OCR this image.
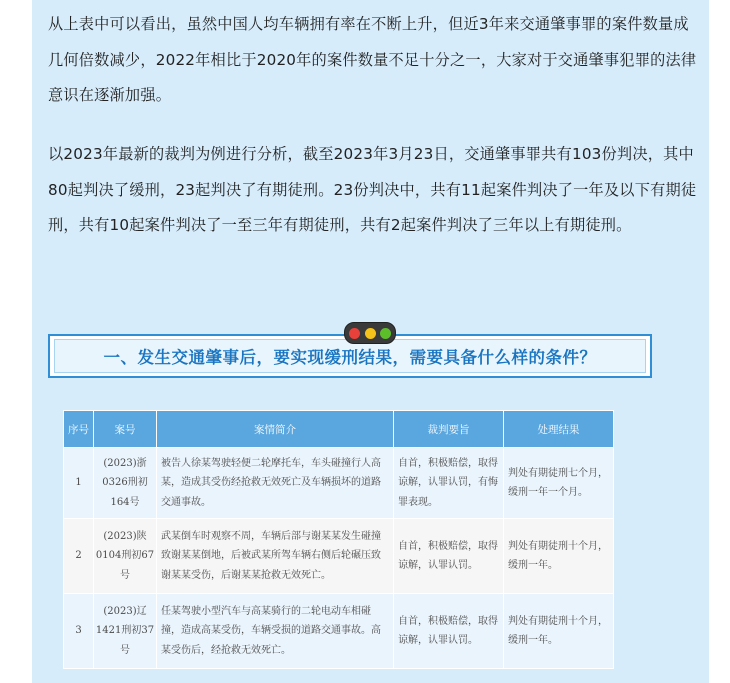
从上表中可以看出，虽然中国人均车辆拥有率在不断上升，但近3年来交通肇事罪的案件数量成几何倍数减少，2022年相比于2020年的案件数量不足十分之一，大家对于交通肇事犯罪的法律意识在逐渐加强。

以2023年最新的裁判为例进行分析，截至2023年3月23日，交通肇事罪共有103份判决，其中80起判决了缓刑，23起判决了有期徒刑。23份判决中，共有11起案件判决了一年及以下有期徒刑，共有10起案件判决了一至三年有期徒刑，共有2起案件判决了三年以上有期徒刑。

一、发生交通肇事后，要实现缓刑结果，需要具备什么样的条件？
序号	案号	案情简介	裁判要旨	处理结果
1	(2023)浙0326刑初164号	被告人徐某驾驶轻便二轮摩托车，车头碰撞行人高某，造成其受伤经抢救无效死亡及车辆损坏的道路交通事故。	自首，积极赔偿，取得谅解，认罪认罚，有悔罪表现。	判处有期徒刑七个月，缓刑一年一个月。
2	(2023)陕0104刑初67号	武某倒车时观察不周，车辆后部与谢某某发生碰撞致谢某某倒地，后被武某所驾车辆右侧后轮碾压致谢某某受伤，后谢某某抢救无效死亡。	自首，积极赔偿，取得谅解，认罪认罚。	判处有期徒刑十个月，缓刑一年。
3	(2023)辽1421刑初37号	任某驾驶小型汽车与高某骑行的二轮电动车相碰撞，造成高某受伤，车辆受损的道路交通事故。高某受伤后，经抢救无效死亡。	自首，积极赔偿，取得谅解，认罪认罚。	判处有期徒刑十个月，缓刑一年。
